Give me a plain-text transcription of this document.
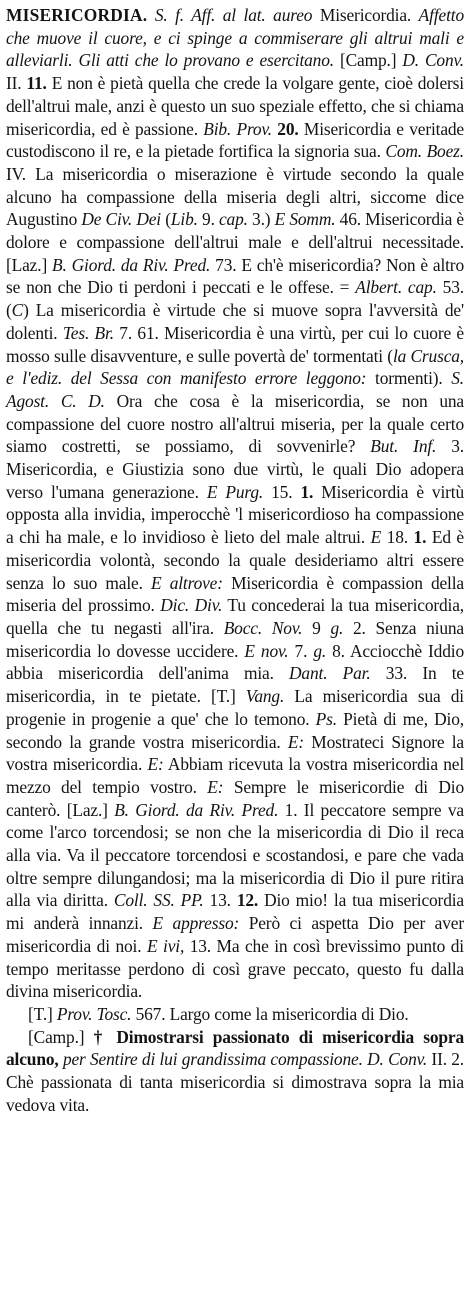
MISERICORDIA. S. f. Aff. al lat. aureo Misericordia. Affetto che muove il cuore, e ci spinge a commiserare gli altrui mali e alleviarli. Gli atti che lo provano e esercitano. [Camp.] D. Conv. II. 11. E non è pietà quella che crede la volgare gente, cioè dolersi dell'altrui male, anzi è questo un suo speziale effetto, che si chiama misericordia, ed è passione. Bib. Prov. 20. Misericordia e veritade custodiscono il re, e la pietade fortifica la signoria sua. Com. Boez. IV. La misericordia o miserazione è virtude secondo la quale alcuno ha compassione della miseria degli altri, siccome dice Augustino De Civ. Dei (Lib. 9. cap. 3.) E Somm. 46. Misericordia è dolore e compassione dell'altrui male e dell'altrui necessitade. [Laz.] B. Giord. da Riv. Pred. 73. E ch'è misericordia? Non è altro se non che Dio ti perdoni i peccati e le offese. = Albert. cap. 53. (C) La misericordia è virtude che si muove sopra l'avversità de' dolenti. Tes. Br. 7. 61. Misericordia è una virtù, per cui lo cuore è mosso sulle disavventure, e sulle povertà de' tormentati (la Crusca, e l'ediz. del Sessa con manifesto errore leggono: tormenti). S. Agost. C. D. Ora che cosa è la misericordia, se non una compassione del cuore nostro all'altrui miseria, per la quale certo siamo costretti, se possiamo, di sovvenirle? But. Inf. 3. Misericordia, e Giustizia sono due virtù, le quali Dio adopera verso l'umana generazione. E Purg. 15. 1. Misericordia è virtù opposta alla invidia, imperocchè 'l misericordioso ha compassione a chi ha male, e lo invidioso è lieto del male altrui. E 18. 1. Ed è misericordia volontà, secondo la quale desideriamo altri essere senza lo suo male. E altrove: Misericordia è compassion della miseria del prossimo. Dic. Div. Tu concederai la tua misericordia, quella che tu negasti all'ira. Bocc. Nov. 9 g. 2. Senza niuna misericordia lo dovesse uccidere. E nov. 7. g. 8. Acciocchè Iddio abbia misericordia dell'anima mia. Dant. Par. 33. In te misericordia, in te pietate. [T.] Vang. La misericordia sua di progenie in progenie a que' che lo temono. Ps. Pietà di me, Dio, secondo la grande vostra misericordia. E: Mostrateci Signore la vostra misericordia. E: Abbiam ricevuta la vostra misericordia nel mezzo del tempio vostro. E: Sempre le misericordie di Dio canterò. [Laz.] B. Giord. da Riv. Pred. 1. Il peccatore sempre va come l'arco torcendosi; se non che la misericordia di Dio il reca alla via. Va il peccatore torcendosi e scostandosi, e pare che vada oltre sempre dilungandosi; ma la misericordia di Dio il pure ritira alla via diritta. Coll. SS. PP. 13. 12. Dio mio! la tua misericordia mi anderà innanzi. E appresso: Però ci aspetta Dio per aver misericordia di noi. E ivi, 13. Ma che in così brevissimo punto di tempo meritasse perdono di così grave peccato, questo fu dalla divina misericordia.

[T.] Prov. Tosc. 567. Largo come la misericordia di Dio.

[Camp.] † Dimostrarsi passionato di misericordia sopra alcuno, per Sentire di lui grandissima compassione. D. Conv. II. 2. Chè passionata di tanta misericordia si dimostrava sopra la mia vedova vita.
